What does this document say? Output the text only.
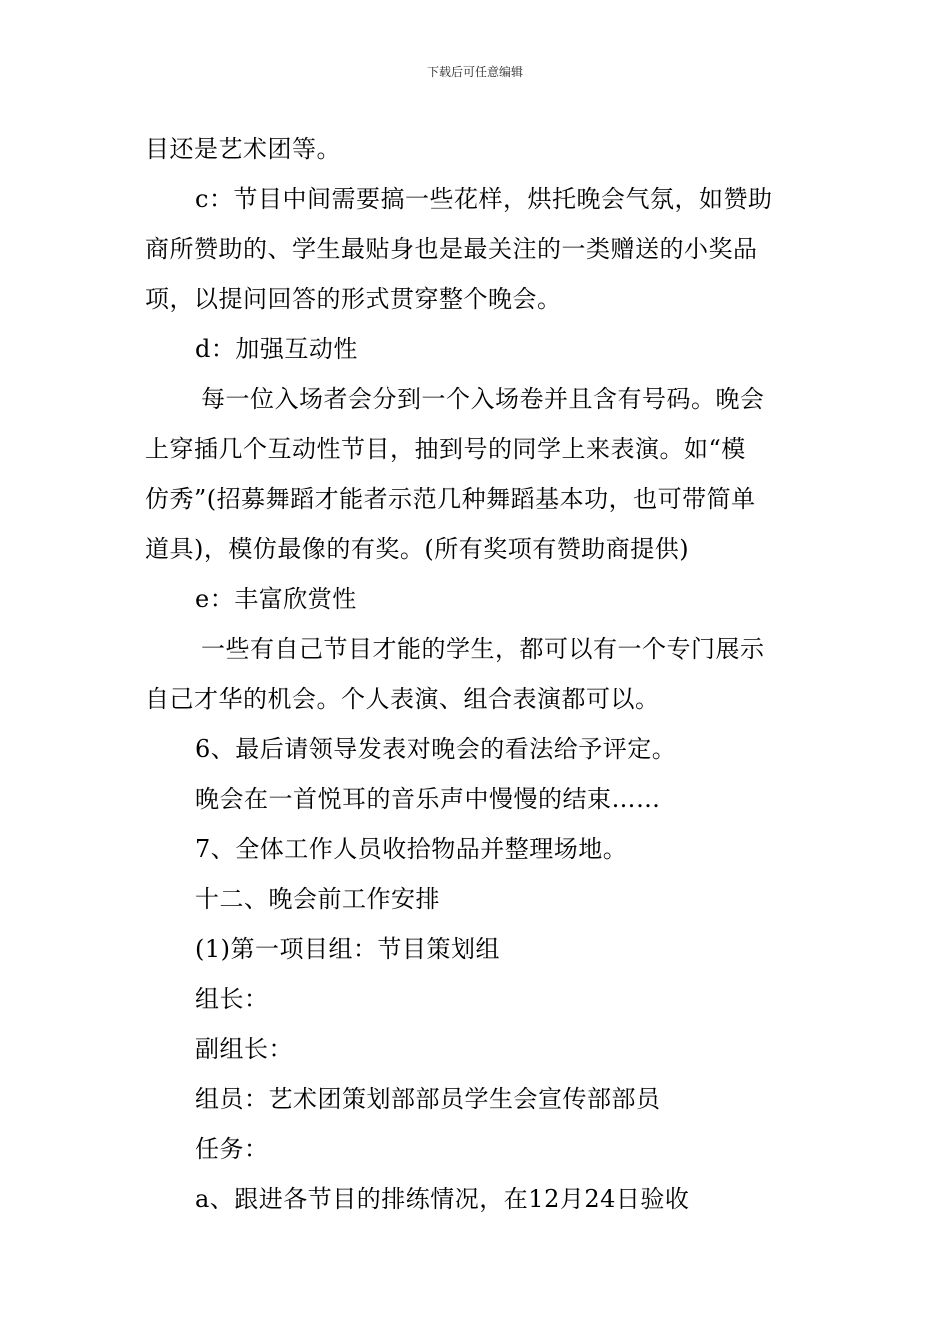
下载后可任意编辑
目还是艺术团等。
c：节目中间需要搞一些花样，烘托晚会气氛，如赞助
商所赞助的、学生最贴身也是最关注的一类赠送的小奖品
项，以提问回答的形式贯穿整个晚会。
d：加强互动性
每一位入场者会分到一个入场卷并且含有号码。晚会
上穿插几个互动性节目，抽到号的同学上来表演。如“模
仿秀”(招募舞蹈才能者示范几种舞蹈基本功，也可带简单
道具)，模仿最像的有奖。(所有奖项有赞助商提供)
e：丰富欣赏性
一些有自己节目才能的学生，都可以有一个专门展示
自己才华的机会。个人表演、组合表演都可以。
6、最后请领导发表对晚会的看法给予评定。
晚会在一首悦耳的音乐声中慢慢的结束……
7、全体工作人员收拾物品并整理场地。
十二、晚会前工作安排
(1)第一项目组：节目策划组
组长：
副组长：
组员：艺术团策划部部员学生会宣传部部员
任务：
a、跟进各节目的排练情况，在12月24日验收
